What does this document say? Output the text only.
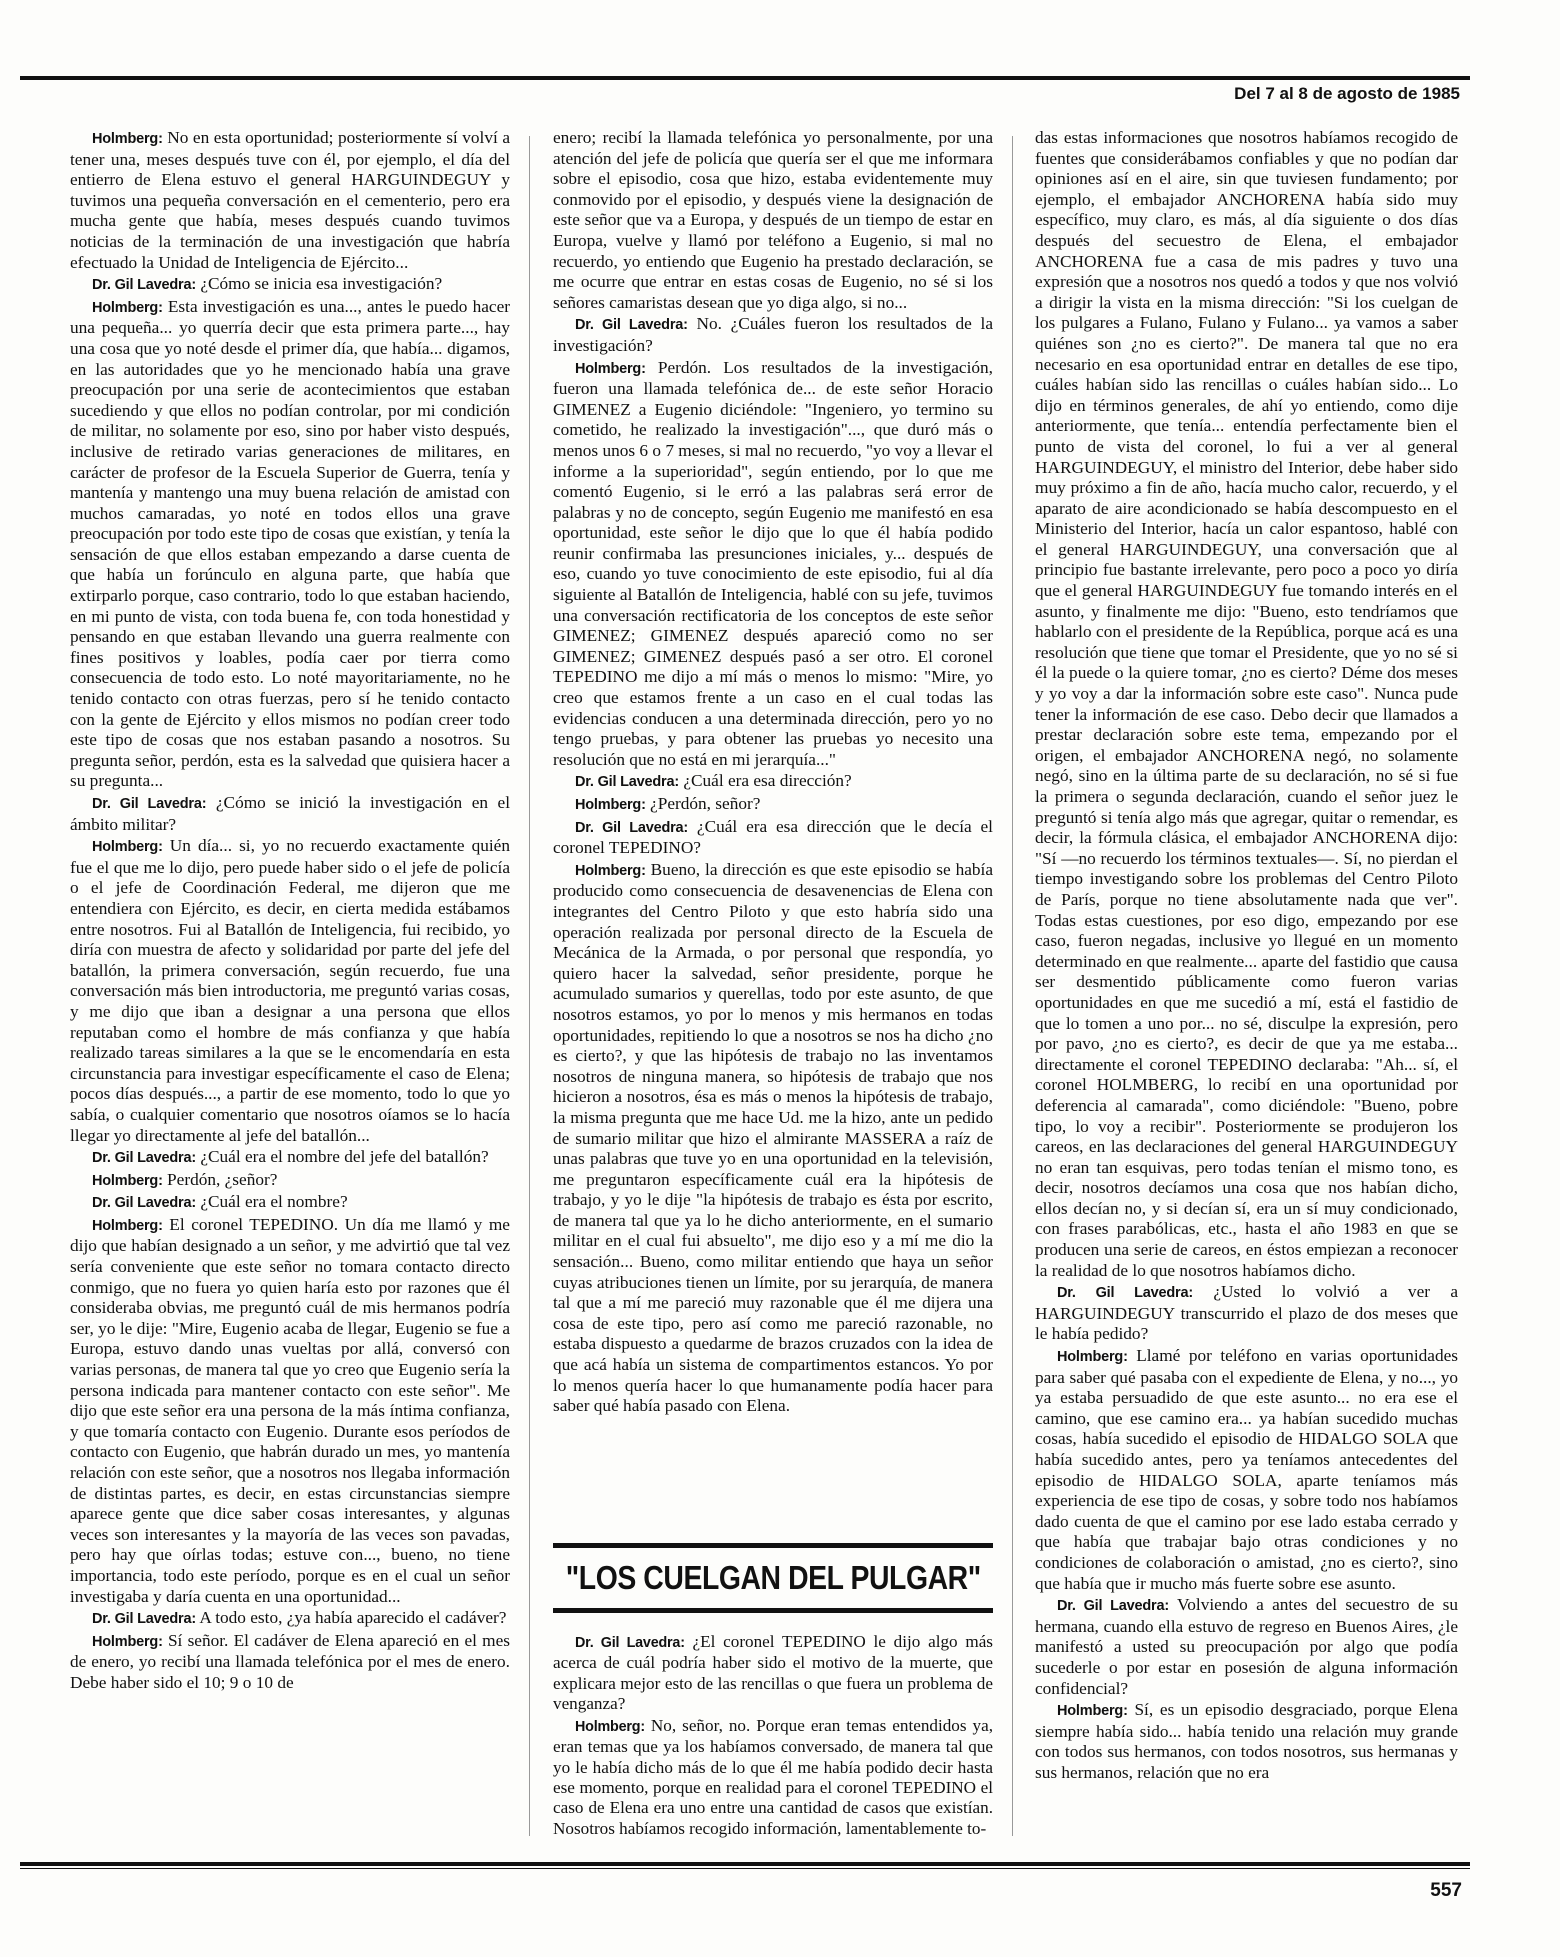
Del 7 al 8 de agosto de 1985

Holmberg: No en esta oportunidad; posteriormente sí volví a tener una, meses después tuve con él, por ejemplo, el día del entierro de Elena estuvo el general HARGUINDEGUY y tuvimos una pequeña conversación en el cementerio, pero era mucha gente que había, meses después cuando tuvimos noticias de la terminación de una investigación que habría efectuado la Unidad de Inteligencia de Ejército...

Dr. Gil Lavedra: ¿Cómo se inicia esa investigación?

Holmberg: Esta investigación es una..., antes le puedo hacer una pequeña... yo querría decir que esta primera parte..., hay una cosa que yo noté desde el primer día, que había... digamos, en las autoridades que yo he mencionado había una grave preocupación por una serie de acontecimientos que estaban sucediendo y que ellos no podían controlar, por mi condición de militar, no solamente por eso, sino por haber visto después, inclusive de retirado varias generaciones de militares, en carácter de profesor de la Escuela Superior de Guerra, tenía y mantenía y mantengo una muy buena relación de amistad con muchos camaradas, yo noté en todos ellos una grave preocupación por todo este tipo de cosas que existían, y tenía la sensación de que ellos estaban empezando a darse cuenta de que había un forúnculo en alguna parte, que había que extirparlo porque, caso contrario, todo lo que estaban haciendo, en mi punto de vista, con toda buena fe, con toda honestidad y pensando en que estaban llevando una guerra realmente con fines positivos y loables, podía caer por tierra como consecuencia de todo esto. Lo noté mayoritariamente, no he tenido contacto con otras fuerzas, pero sí he tenido contacto con la gente de Ejército y ellos mismos no podían creer todo este tipo de cosas que nos estaban pasando a nosotros. Su pregunta señor, perdón, esta es la salvedad que quisiera hacer a su pregunta...

Dr. Gil Lavedra: ¿Cómo se inició la investigación en el ámbito militar?

Holmberg: Un día... si, yo no recuerdo exactamente quién fue el que me lo dijo, pero puede haber sido o el jefe de policía o el jefe de Coordinación Federal, me dijeron que me entendiera con Ejército, es decir, en cierta medida estábamos entre nosotros. Fui al Batallón de Inteligencia, fui recibido, yo diría con muestra de afecto y solidaridad por parte del jefe del batallón, la primera conversación, según recuerdo, fue una conversación más bien introductoria, me preguntó varias cosas, y me dijo que iban a designar a una persona que ellos reputaban como el hombre de más confianza y que había realizado tareas similares a la que se le encomendaría en esta circunstancia para investigar específicamente el caso de Elena; pocos días después..., a partir de ese momento, todo lo que yo sabía, o cualquier comentario que nosotros oíamos se lo hacía llegar yo directamente al jefe del batallón...

Dr. Gil Lavedra: ¿Cuál era el nombre del jefe del batallón?

Holmberg: Perdón, ¿señor?

Dr. Gil Lavedra: ¿Cuál era el nombre?

Holmberg: El coronel TEPEDINO. Un día me llamó y me dijo que habían designado a un señor, y me advirtió que tal vez sería conveniente que este señor no tomara contacto directo conmigo, que no fuera yo quien haría esto por razones que él consideraba obvias, me preguntó cuál de mis hermanos podría ser, yo le dije: "Mire, Eugenio acaba de llegar, Eugenio se fue a Europa, estuvo dando unas vueltas por allá, conversó con varias personas, de manera tal que yo creo que Eugenio sería la persona indicada para mantener contacto con este señor". Me dijo que este señor era una persona de la más íntima confianza, y que tomaría contacto con Eugenio. Durante esos períodos de contacto con Eugenio, que habrán durado un mes, yo mantenía relación con este señor, que a nosotros nos llegaba información de distintas partes, es decir, en estas circunstancias siempre aparece gente que dice saber cosas interesantes, y algunas veces son interesantes y la mayoría de las veces son pavadas, pero hay que oírlas todas; estuve con..., bueno, no tiene importancia, todo este período, porque es en el cual un señor investigaba y daría cuenta en una oportunidad...

Dr. Gil Lavedra: A todo esto, ¿ya había aparecido el cadáver?

Holmberg: Sí señor. El cadáver de Elena apareció en el mes de enero, yo recibí una llamada telefónica por el mes de enero. Debe haber sido el 10; 9 o 10 de

enero; recibí la llamada telefónica yo personalmente, por una atención del jefe de policía que quería ser el que me informara sobre el episodio, cosa que hizo, estaba evidentemente muy conmovido por el episodio, y después viene la designación de este señor que va a Europa, y después de un tiempo de estar en Europa, vuelve y llamó por teléfono a Eugenio, si mal no recuerdo, yo entiendo que Eugenio ha prestado declaración, se me ocurre que entrar en estas cosas de Eugenio, no sé si los señores camaristas desean que yo diga algo, si no...

Dr. Gil Lavedra: No. ¿Cuáles fueron los resultados de la investigación?

Holmberg: Perdón. Los resultados de la investigación, fueron una llamada telefónica de... de este señor Horacio GIMENEZ a Eugenio diciéndole: "Ingeniero, yo termino su cometido, he realizado la investigación"..., que duró más o menos unos 6 o 7 meses, si mal no recuerdo, "yo voy a llevar el informe a la superioridad", según entiendo, por lo que me comentó Eugenio, si le erró a las palabras será error de palabras y no de concepto, según Eugenio me manifestó en esa oportunidad, este señor le dijo que lo que él había podido reunir confirmaba las presunciones iniciales, y... después de eso, cuando yo tuve conocimiento de este episodio, fui al día siguiente al Batallón de Inteligencia, hablé con su jefe, tuvimos una conversación rectificatoria de los conceptos de este señor GIMENEZ; GIMENEZ después apareció como no ser GIMENEZ; GIMENEZ después pasó a ser otro. El coronel TEPEDINO me dijo a mí más o menos lo mismo: "Mire, yo creo que estamos frente a un caso en el cual todas las evidencias conducen a una determinada dirección, pero yo no tengo pruebas, y para obtener las pruebas yo necesito una resolución que no está en mi jerarquía..."

Dr. Gil Lavedra: ¿Cuál era esa dirección?

Holmberg: ¿Perdón, señor?

Dr. Gil Lavedra: ¿Cuál era esa dirección que le decía el coronel TEPEDINO?

Holmberg: Bueno, la dirección es que este episodio se había producido como consecuencia de desavenencias de Elena con integrantes del Centro Piloto y que esto habría sido una operación realizada por personal directo de la Escuela de Mecánica de la Armada, o por personal que respondía, yo quiero hacer la salvedad, señor presidente, porque he acumulado sumarios y querellas, todo por este asunto, de que nosotros estamos, yo por lo menos y mis hermanos en todas oportunidades, repitiendo lo que a nosotros se nos ha dicho ¿no es cierto?, y que las hipótesis de trabajo no las inventamos nosotros de ninguna manera, so hipótesis de trabajo que nos hicieron a nosotros, ésa es más o menos la hipótesis de trabajo, la misma pregunta que me hace Ud. me la hizo, ante un pedido de sumario militar que hizo el almirante MASSERA a raíz de unas palabras que tuve yo en una oportunidad en la televisión, me preguntaron específicamente cuál era la hipótesis de trabajo, y yo le dije "la hipótesis de trabajo es ésta por escrito, de manera tal que ya lo he dicho anteriormente, en el sumario militar en el cual fui absuelto", me dijo eso y a mí me dio la sensación... Bueno, como militar entiendo que haya un señor cuyas atribuciones tienen un límite, por su jerarquía, de manera tal que a mí me pareció muy razonable que él me dijera una cosa de este tipo, pero así como me pareció razonable, no estaba dispuesto a quedarme de brazos cruzados con la idea de que acá había un sistema de compartimentos estancos. Yo por lo menos quería hacer lo que humanamente podía hacer para saber qué había pasado con Elena.

"LOS CUELGAN DEL PULGAR"

Dr. Gil Lavedra: ¿El coronel TEPEDINO le dijo algo más acerca de cuál podría haber sido el motivo de la muerte, que explicara mejor esto de las rencillas o que fuera un problema de venganza?

Holmberg: No, señor, no. Porque eran temas entendidos ya, eran temas que ya los habíamos conversado, de manera tal que yo le había dicho más de lo que él me había podido decir hasta ese momento, porque en realidad para el coronel TEPEDINO el caso de Elena era uno entre una cantidad de casos que existían. Nosotros habíamos recogido información, lamentablemente to-

das estas informaciones que nosotros habíamos recogido de fuentes que considerábamos confiables y que no podían dar opiniones así en el aire, sin que tuviesen fundamento; por ejemplo, el embajador ANCHORENA había sido muy específico, muy claro, es más, al día siguiente o dos días después del secuestro de Elena, el embajador ANCHORENA fue a casa de mis padres y tuvo una expresión que a nosotros nos quedó a todos y que nos volvió a dirigir la vista en la misma dirección: "Si los cuelgan de los pulgares a Fulano, Fulano y Fulano... ya vamos a saber quiénes son ¿no es cierto?". De manera tal que no era necesario en esa oportunidad entrar en detalles de ese tipo, cuáles habían sido las rencillas o cuáles habían sido... Lo dijo en términos generales, de ahí yo entiendo, como dije anteriormente, que tenía... entendía perfectamente bien el punto de vista del coronel, lo fui a ver al general HARGUINDEGUY, el ministro del Interior, debe haber sido muy próximo a fin de año, hacía mucho calor, recuerdo, y el aparato de aire acondicionado se había descompuesto en el Ministerio del Interior, hacía un calor espantoso, hablé con el general HARGUINDEGUY, una conversación que al principio fue bastante irrelevante, pero poco a poco yo diría que el general HARGUINDEGUY fue tomando interés en el asunto, y finalmente me dijo: "Bueno, esto tendríamos que hablarlo con el presidente de la República, porque acá es una resolución que tiene que tomar el Presidente, que yo no sé si él la puede o la quiere tomar, ¿no es cierto? Déme dos meses y yo voy a dar la información sobre este caso". Nunca pude tener la información de ese caso. Debo decir que llamados a prestar declaración sobre este tema, empezando por el origen, el embajador ANCHORENA negó, no solamente negó, sino en la última parte de su declaración, no sé si fue la primera o segunda declaración, cuando el señor juez le preguntó si tenía algo más que agregar, quitar o remendar, es decir, la fórmula clásica, el embajador ANCHORENA dijo: "Sí —no recuerdo los términos textuales—. Sí, no pierdan el tiempo investigando sobre los problemas del Centro Piloto de París, porque no tiene absolutamente nada que ver". Todas estas cuestiones, por eso digo, empezando por ese caso, fueron negadas, inclusive yo llegué en un momento determinado en que realmente... aparte del fastidio que causa ser desmentido públicamente como fueron varias oportunidades en que me sucedió a mí, está el fastidio de que lo tomen a uno por... no sé, disculpe la expresión, pero por pavo, ¿no es cierto?, es decir de que ya me estaba... directamente el coronel TEPEDINO declaraba: "Ah... sí, el coronel HOLMBERG, lo recibí en una oportunidad por deferencia al camarada", como diciéndole: "Bueno, pobre tipo, lo voy a recibir". Posteriormente se produjeron los careos, en las declaraciones del general HARGUINDEGUY no eran tan esquivas, pero todas tenían el mismo tono, es decir, nosotros decíamos una cosa que nos habían dicho, ellos decían no, y si decían sí, era un sí muy condicionado, con frases parabólicas, etc., hasta el año 1983 en que se producen una serie de careos, en éstos empiezan a reconocer la realidad de lo que nosotros habíamos dicho.

Dr. Gil Lavedra: ¿Usted lo volvió a ver a HARGUINDEGUY transcurrido el plazo de dos meses que le había pedido?

Holmberg: Llamé por teléfono en varias oportunidades para saber qué pasaba con el expediente de Elena, y no..., yo ya estaba persuadido de que este asunto... no era ese el camino, que ese camino era... ya habían sucedido muchas cosas, había sucedido el episodio de HIDALGO SOLA que había sucedido antes, pero ya teníamos antecedentes del episodio de HIDALGO SOLA, aparte teníamos más experiencia de ese tipo de cosas, y sobre todo nos habíamos dado cuenta de que el camino por ese lado estaba cerrado y que había que trabajar bajo otras condiciones y no condiciones de colaboración o amistad, ¿no es cierto?, sino que había que ir mucho más fuerte sobre ese asunto.

Dr. Gil Lavedra: Volviendo a antes del secuestro de su hermana, cuando ella estuvo de regreso en Buenos Aires, ¿le manifestó a usted su preocupación por algo que podía sucederle o por estar en posesión de alguna información confidencial?

Holmberg: Sí, es un episodio desgraciado, porque Elena siempre había sido... había tenido una relación muy grande con todos sus hermanos, con todos nosotros, sus hermanas y sus hermanos, relación que no era

557
